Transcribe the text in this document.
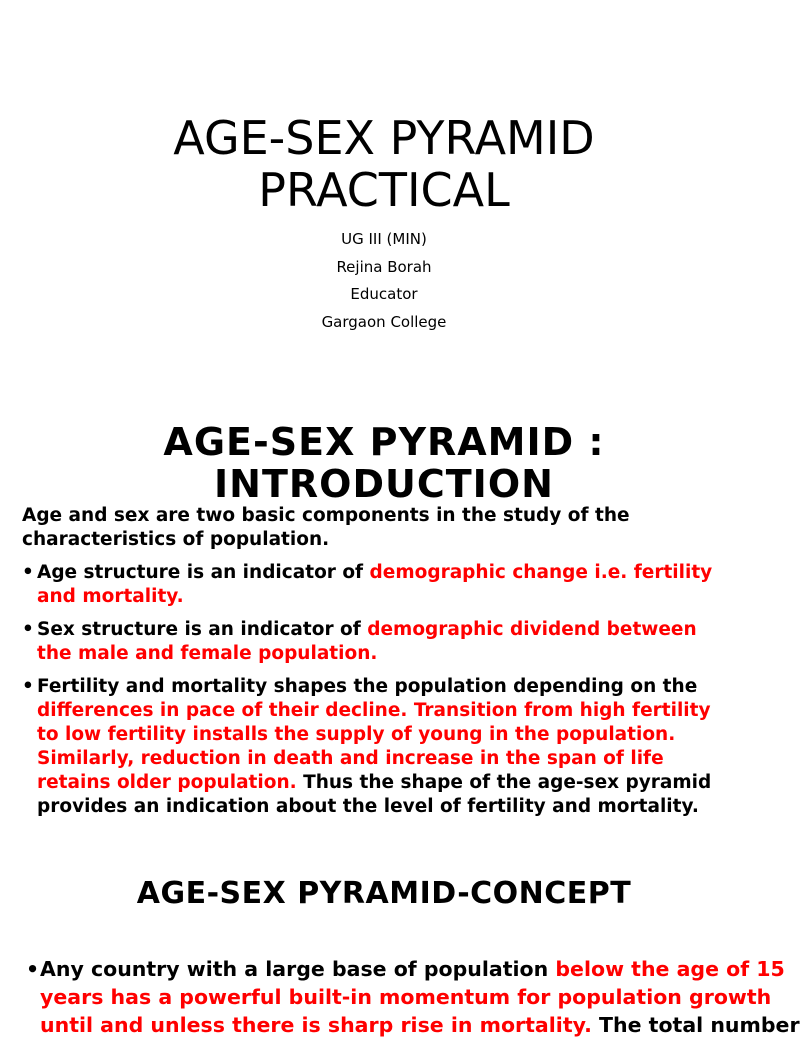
AGE-SEX PYRAMID
PRACTICAL
UG III (MIN)
Rejina Borah
Educator
Gargaon College
AGE-SEX PYRAMID :
INTRODUCTION

Age and sex are two basic components in the study of the characteristics of population.

• Age structure is an indicator of demographic change i.e. fertility and mortality.
• Sex structure is an indicator of demographic dividend between the male and female population.
• Fertility and mortality shapes the population depending on the differences in pace of their decline. Transition from high fertility to low fertility installs the supply of young in the population. Similarly, reduction in death and increase in the span of life retains older population. Thus the shape of the age-sex pyramid provides an indication about the level of fertility and mortality.
AGE-SEX PYRAMID-CONCEPT
• Any country with a large base of population below the age of 15
years has a powerful built-in momentum for population growth
until and unless there is sharp rise in mortality. The total number
